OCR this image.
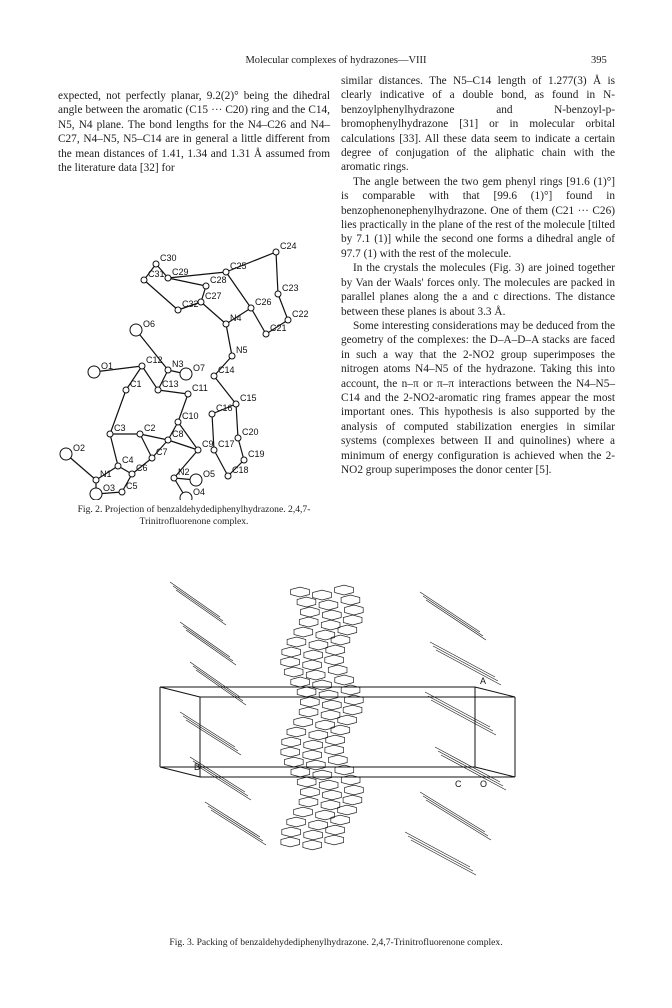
Molecular complexes of hydrazones—VIII	395

expected, not perfectly planar, 9.2(2)° being the dihedral angle between the aromatic (C15 ··· C20) ring and the C14, N5, N4 plane. The bond lengths for the N4–C26 and N4–C27, N4–N5, N5–C14 are in general a little different from the mean distances of 1.41, 1.34 and 1.31 Å assumed from the literature data [32] for

similar distances. The N5–C14 length of 1.277(3) Å is clearly indicative of a double bond, as found in N-benzoylphenylhydrazone and N-benzoyl-p-bromophenylhydrazone [31] or in molecular orbital calculations [33]. All these data seem to indicate a certain degree of conjugation of the aliphatic chain with the aromatic rings.

The angle between the two gem phenyl rings [91.6 (1)°] is comparable with that [99.6 (1)°] found in benzophenonephenylhydrazone. One of them (C21 ··· C26) lies practically in the plane of the rest of the molecule [tilted by 7.1 (1)] while the second one forms a dihedral angle of 97.7 (1) with the rest of the molecule.

In the crystals the molecules (Fig. 3) are joined together by Van der Waals' forces only. The molecules are packed in parallel planes along the a and c directions. The distance between these planes is about 3.3 Å.

Some interesting considerations may be deduced from the geometry of the complexes: the D–A–D–A stacks are faced in such a way that the 2-NO2 group superimposes the nitrogen atoms N4–N5 of the hydrazone. Taking this into account, the n–π or π–π interactions between the N4–N5–C14 and the 2-NO2-aromatic ring frames appear the most important ones. This hypothesis is also supported by the analysis of computed stabilization energies in similar systems (complexes between II and quinolines) where a minimum of energy configuration is achieved when the 2-NO2 group superimposes the donor center [5].

C30
C24
C29
C25
C31
C28
C23
C27
C32	C26
C22
N4
C21
O6
N5
O1
C12 N3 O7 C14
C1 C13 C11
C15
C16
C10
C20
C3 C2
C8
C9 C17
C19
O2	C7
C4
C6	C18
N1	N2 O5
O3 C5
O4
Fig. 2. Projection of benzaldehydediphenylhydrazone. 2,4,7-Trinitrofluorenone complex.
A
B
C O
Fig. 3. Packing of benzaldehydediphenylhydrazone. 2,4,7-Trinitrofluorenone complex.
